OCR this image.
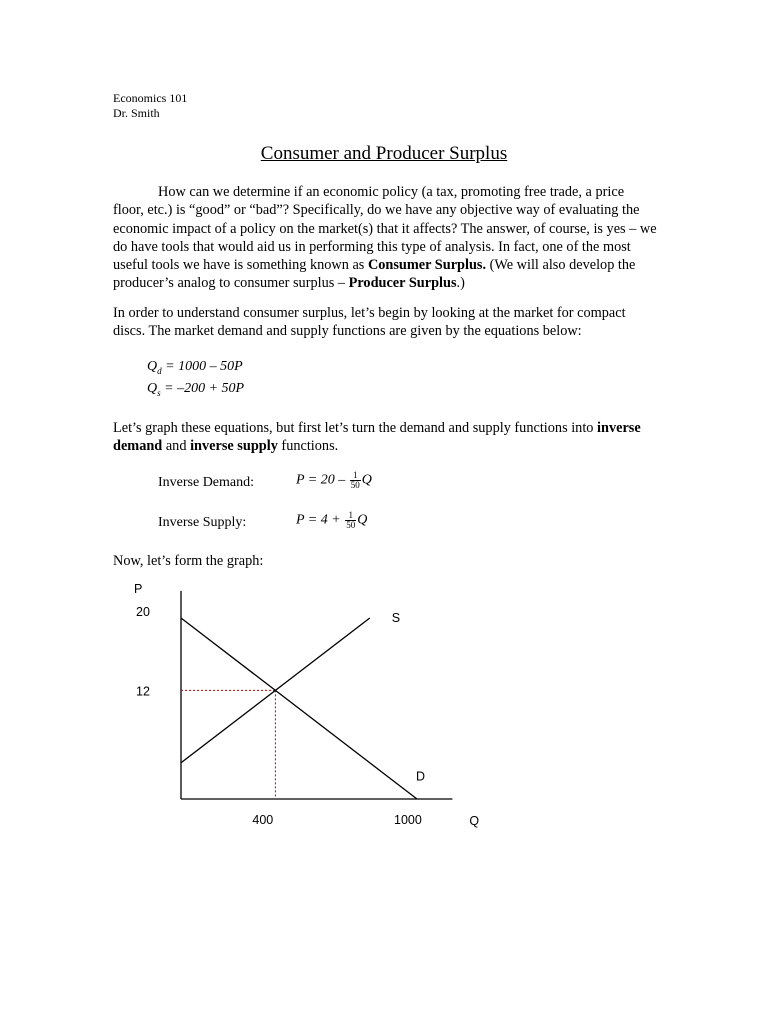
Economics 101
Dr. Smith
Consumer and Producer Surplus

How can we determine if an economic policy (a tax, promoting free trade, a price floor, etc.) is “good” or “bad”? Specifically, do we have any objective way of evaluating the economic impact of a policy on the market(s) that it affects? The answer, of course, is yes – we do have tools that would aid us in performing this type of analysis. In fact, one of the most useful tools we have is something known as Consumer Surplus. (We will also develop the producer’s analog to consumer surplus – Producer Surplus.)

In order to understand consumer surplus, let’s begin by looking at the market for compact discs. The market demand and supply functions are given by the equations below:
$Q_d = 1000 - 50P$
$Q_s = -200 + 50P$
Let’s graph these equations, but first let’s turn the demand and supply functions into inverse demand and inverse supply functions.
Inverse Demand:	$P = 20 - \frac{1}{50}$ Q
Inverse Supply:	$P = 4 + \frac{1}{50}$ Q
Now, let’s form the graph:
P
Q
20
12
400	1000
S
D
